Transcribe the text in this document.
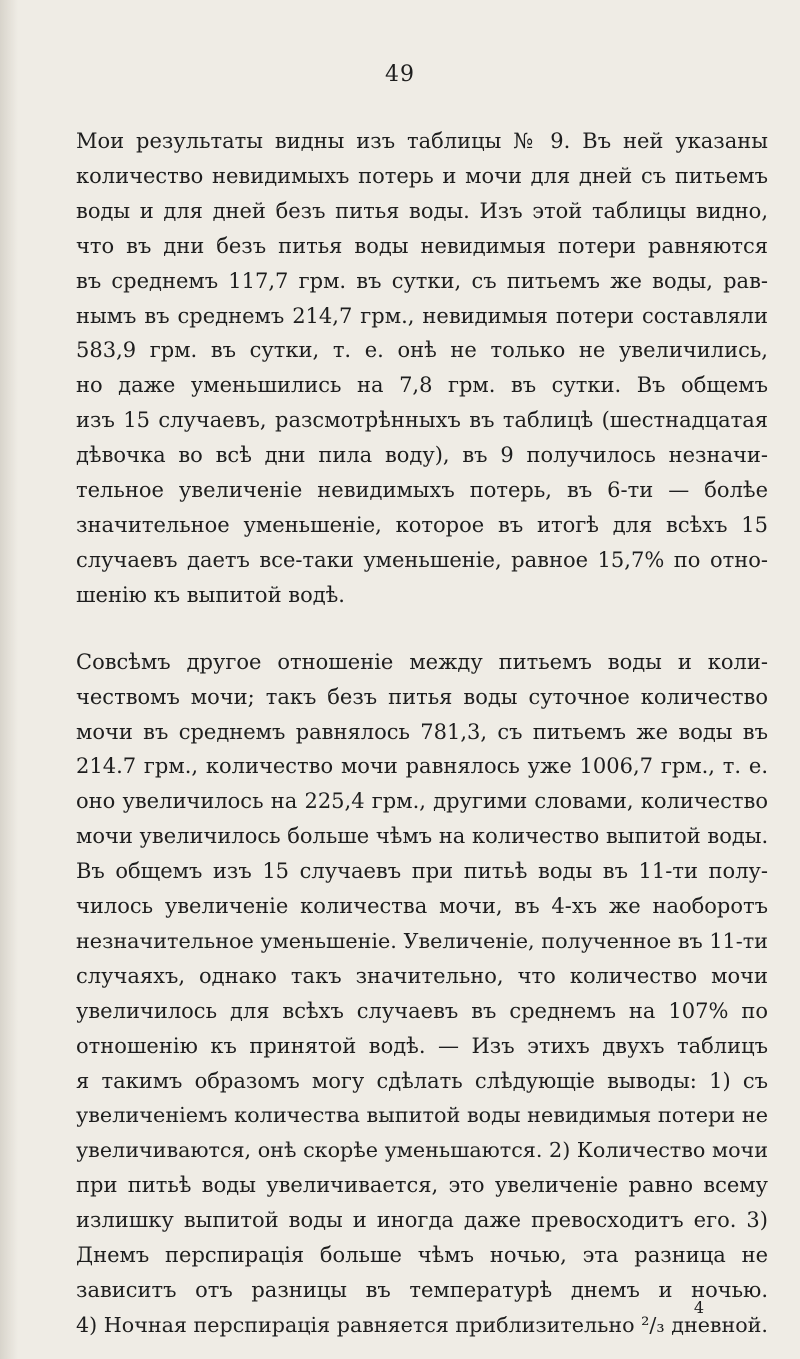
49

Мои результаты видны изъ таблицы № 9. Въ ней указаны

количество невидимыхъ потерь и мочи для дней съ питьемъ

воды и для дней безъ питья воды. Изъ этой таблицы видно,

что въ дни безъ питья воды невидимыя потери равняются

въ среднемъ 117,7 грм. въ сутки, съ питьемъ же воды, рав-

нымъ въ среднемъ 214,7 грм., невидимыя потери составляли

583,9 грм. въ сутки, т. е. онѣ не только не увеличились,

но даже уменьшились на 7,8 грм. въ сутки. Въ общемъ

изъ 15 случаевъ, разсмотрѣнныхъ въ таблицѣ (шестнадцатая

дѣвочка во всѣ дни пила воду), въ 9 получилось незначи-

тельное увеличеніе невидимыхъ потерь, въ 6-ти — болѣе

значительное уменьшеніе, которое въ итогѣ для всѣхъ 15

случаевъ даетъ все-таки уменьшеніе, равное 15,7% по отно-

шенію къ выпитой водѣ.

Совсѣмъ другое отношеніе между питьемъ воды и коли-

чествомъ мочи; такъ безъ питья воды суточное количество

мочи въ среднемъ равнялось 781,3, съ питьемъ же воды въ

214.7 грм., количество мочи равнялось уже 1006,7 грм., т. е.

оно увеличилось на 225,4 грм., другими словами, количество

мочи увеличилось больше чѣмъ на количество выпитой воды.

Въ общемъ изъ 15 случаевъ при питьѣ воды въ 11-ти полу-

чилось увеличеніе количества мочи, въ 4-хъ же наоборотъ

незначительное уменьшеніе. Увеличеніе, полученное въ 11-ти

случаяхъ, однако такъ значительно, что количество мочи

увеличилось для всѣхъ случаевъ въ среднемъ на 107% по

отношенію къ принятой водѣ. — Изъ этихъ двухъ таблицъ

я такимъ образомъ могу сдѣлать слѣдующіе выводы: 1) съ

увеличеніемъ количества выпитой воды невидимыя потери не

увеличиваются, онѣ скорѣе уменьшаются. 2) Количество мочи

при питьѣ воды увеличивается, это увеличеніе равно всему

излишку выпитой воды и иногда даже превосходитъ его. 3)

Днемъ перспирація больше чѣмъ ночью, эта разница не

зависитъ отъ разницы въ температурѣ днемъ и ночью.

4) Ночная перспирація равняется приблизительно ²/₃ дневной.

4
